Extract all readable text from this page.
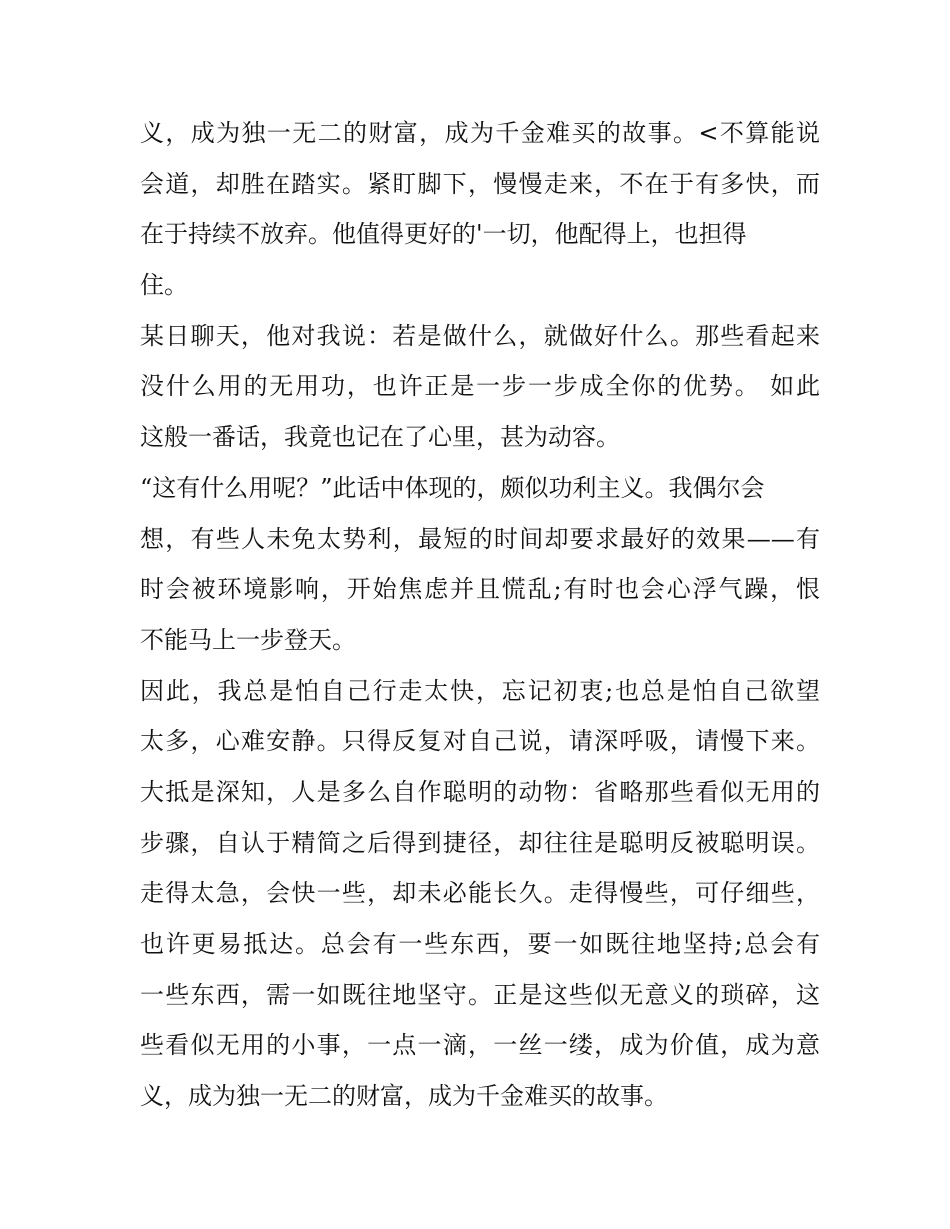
义，成为独一无二的财富，成为千金难买的故事。<不算能说
会道，却胜在踏实。紧盯脚下，慢慢走来，不在于有多快，而
在于持续不放弃。他值得更好的'一切，他配得上，也担得
住。
某日聊天，他对我说：若是做什么，就做好什么。那些看起来
没什么用的无用功，也许正是一步一步成全你的优势。 如此
这般一番话，我竟也记在了心里，甚为动容。
“这有什么用呢？”此话中体现的，颇似功利主义。我偶尔会
想，有些人未免太势利，最短的时间却要求最好的效果——有
时会被环境影响，开始焦虑并且慌乱;有时也会心浮气躁，恨
不能马上一步登天。
因此，我总是怕自己行走太快，忘记初衷;也总是怕自己欲望
太多，心难安静。只得反复对自己说，请深呼吸，请慢下来。
大抵是深知，人是多么自作聪明的动物：省略那些看似无用的
步骤，自认于精简之后得到捷径，却往往是聪明反被聪明误。
走得太急，会快一些，却未必能长久。走得慢些，可仔细些，
也许更易抵达。总会有一些东西，要一如既往地坚持;总会有
一些东西，需一如既往地坚守。正是这些似无意义的琐碎，这
些看似无用的小事，一点一滴，一丝一缕，成为价值，成为意
义，成为独一无二的财富，成为千金难买的故事。
